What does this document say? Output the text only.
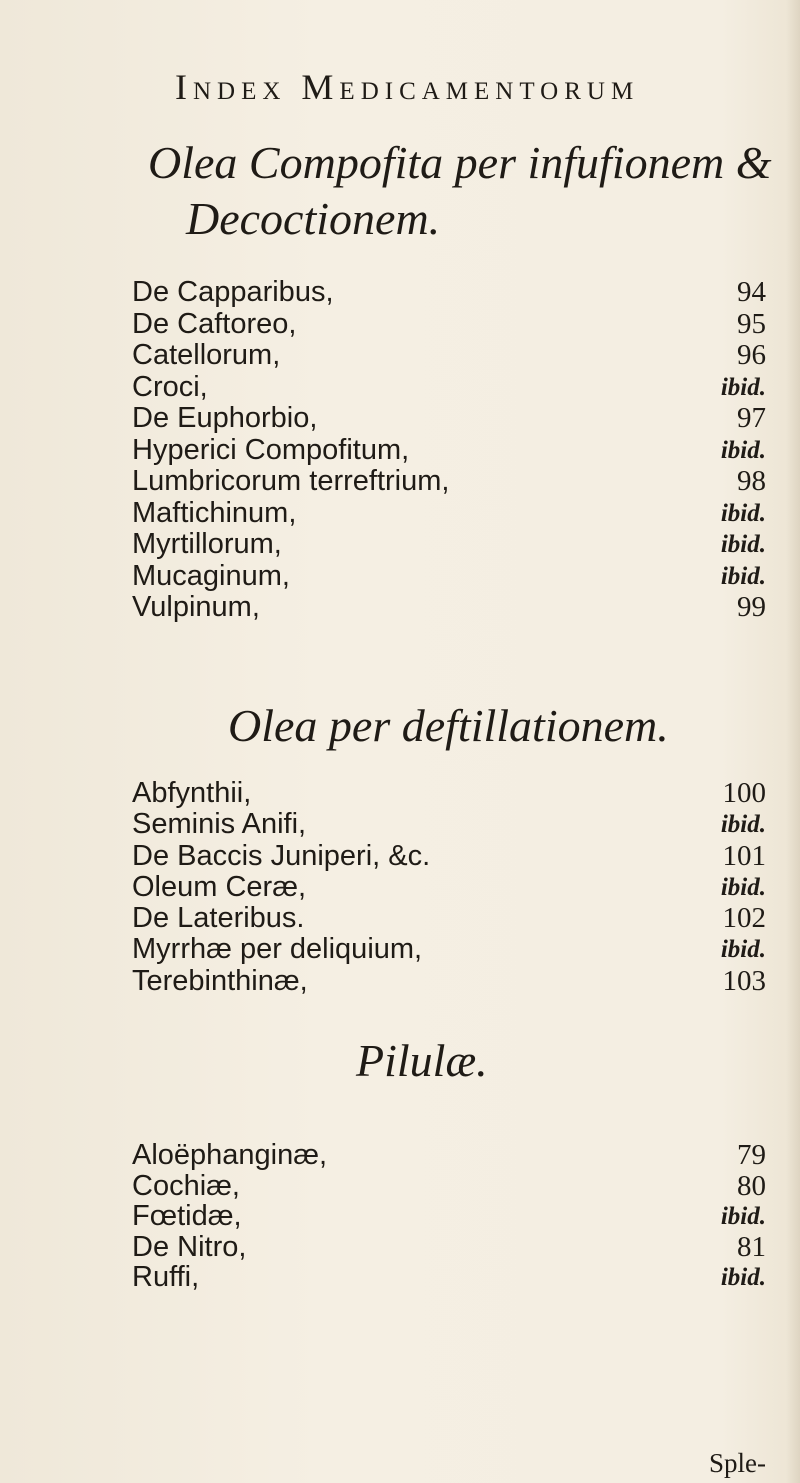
Index Medicamentorum
Olea Compofita per infufionem &
Decoctionem.
De Capparibus,	94
De Caftoreo,	95
Catellorum,	96
Croci,	ibid.
De Euphorbio,	97
Hyperici Compofitum,	ibid.
Lumbricorum terreftrium,	98
Maftichinum,	ibid.
Myrtillorum,	ibid.
Mucaginum,	ibid.
Vulpinum,	99
Olea per deftillationem.
Abfynthii,	100
Seminis Anifi,	ibid.
De Baccis Juniperi, &c.	101
Oleum Ceræ,	ibid.
De Lateribus.	102
Myrrhæ per deliquium,	ibid.
Terebinthinæ,	103
Pilulæ.
Aloëphanginæ,	79
Cochiæ,	80
Fœtidæ,	ibid.
De Nitro,	81
Ruffi,	ibid.
Sple-
